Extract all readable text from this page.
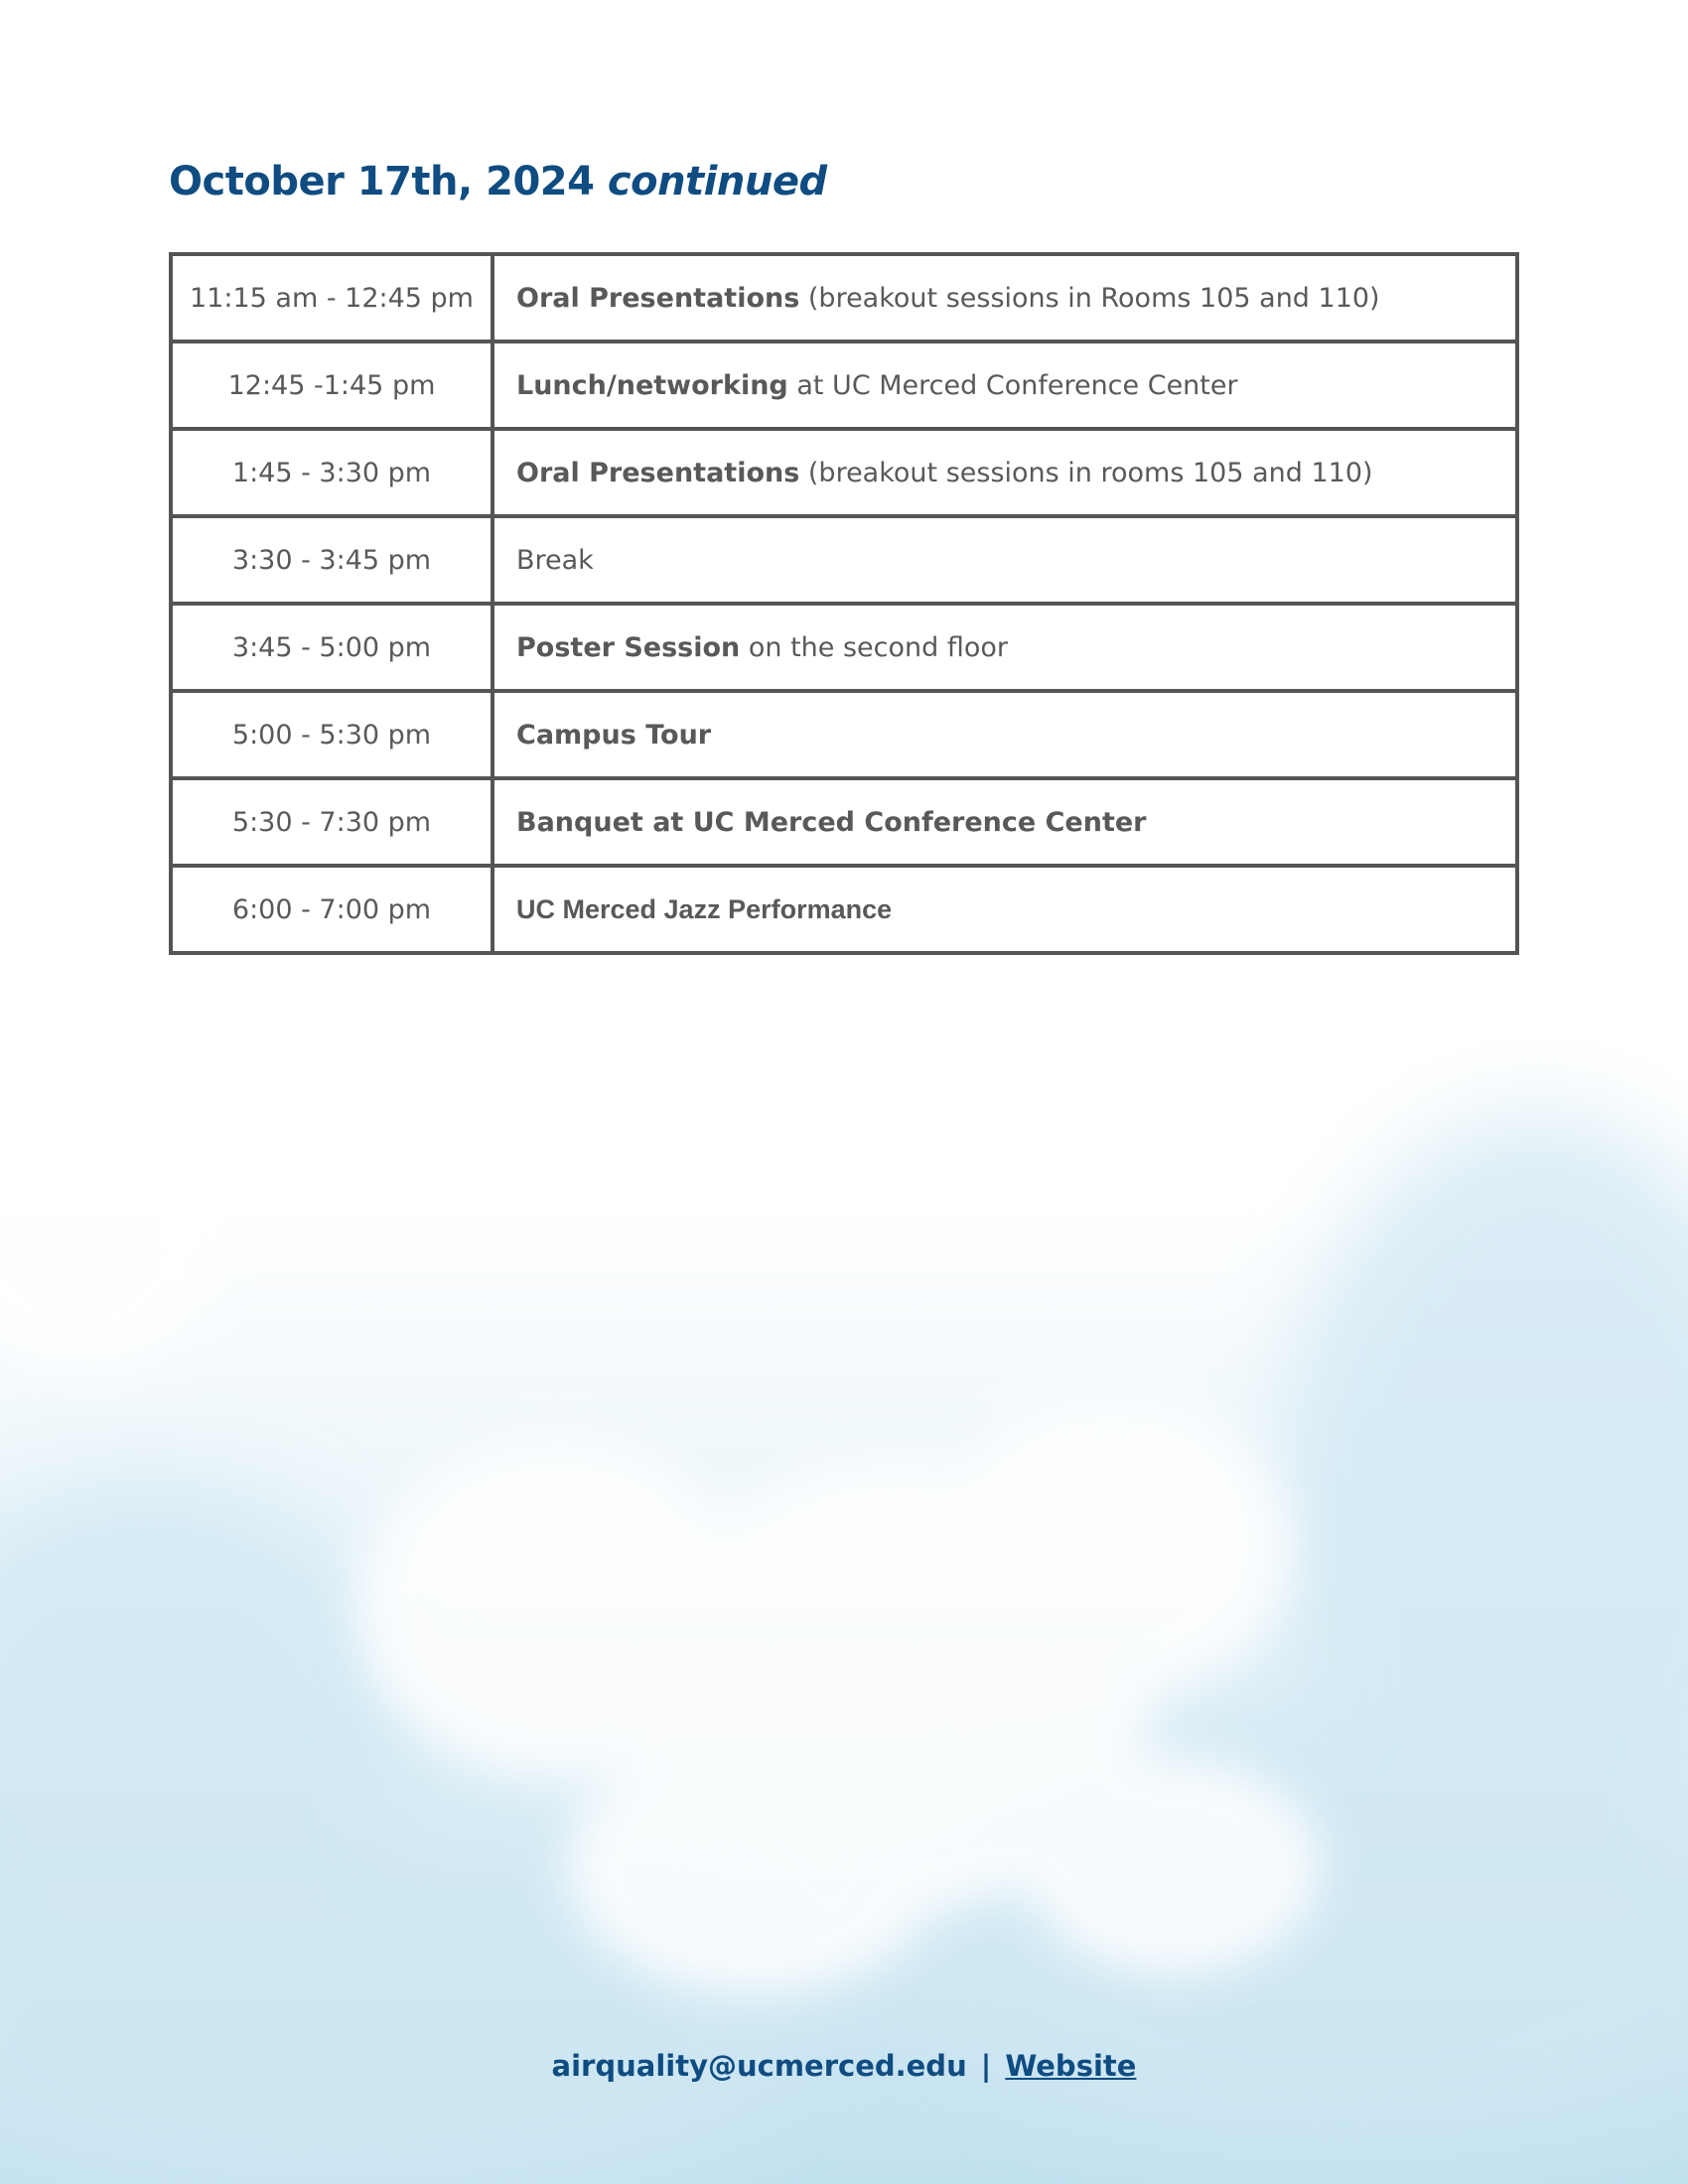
October 17th, 2024 continued
11:15 am - 12:45 pm	Oral Presentations (breakout sessions in Rooms 105 and 110)
12:45 -1:45 pm	Lunch/networking at UC Merced Conference Center
1:45 - 3:30 pm	Oral Presentations (breakout sessions in rooms 105 and 110)
3:30 - 3:45 pm	Break
3:45 - 5:00 pm	Poster Session on the second floor
5:00 - 5:30 pm	Campus Tour
5:30 - 7:30 pm	Banquet at UC Merced Conference Center
6:00 - 7:00 pm	UC Merced Jazz Performance
airquality@ucmerced.edu | Website
